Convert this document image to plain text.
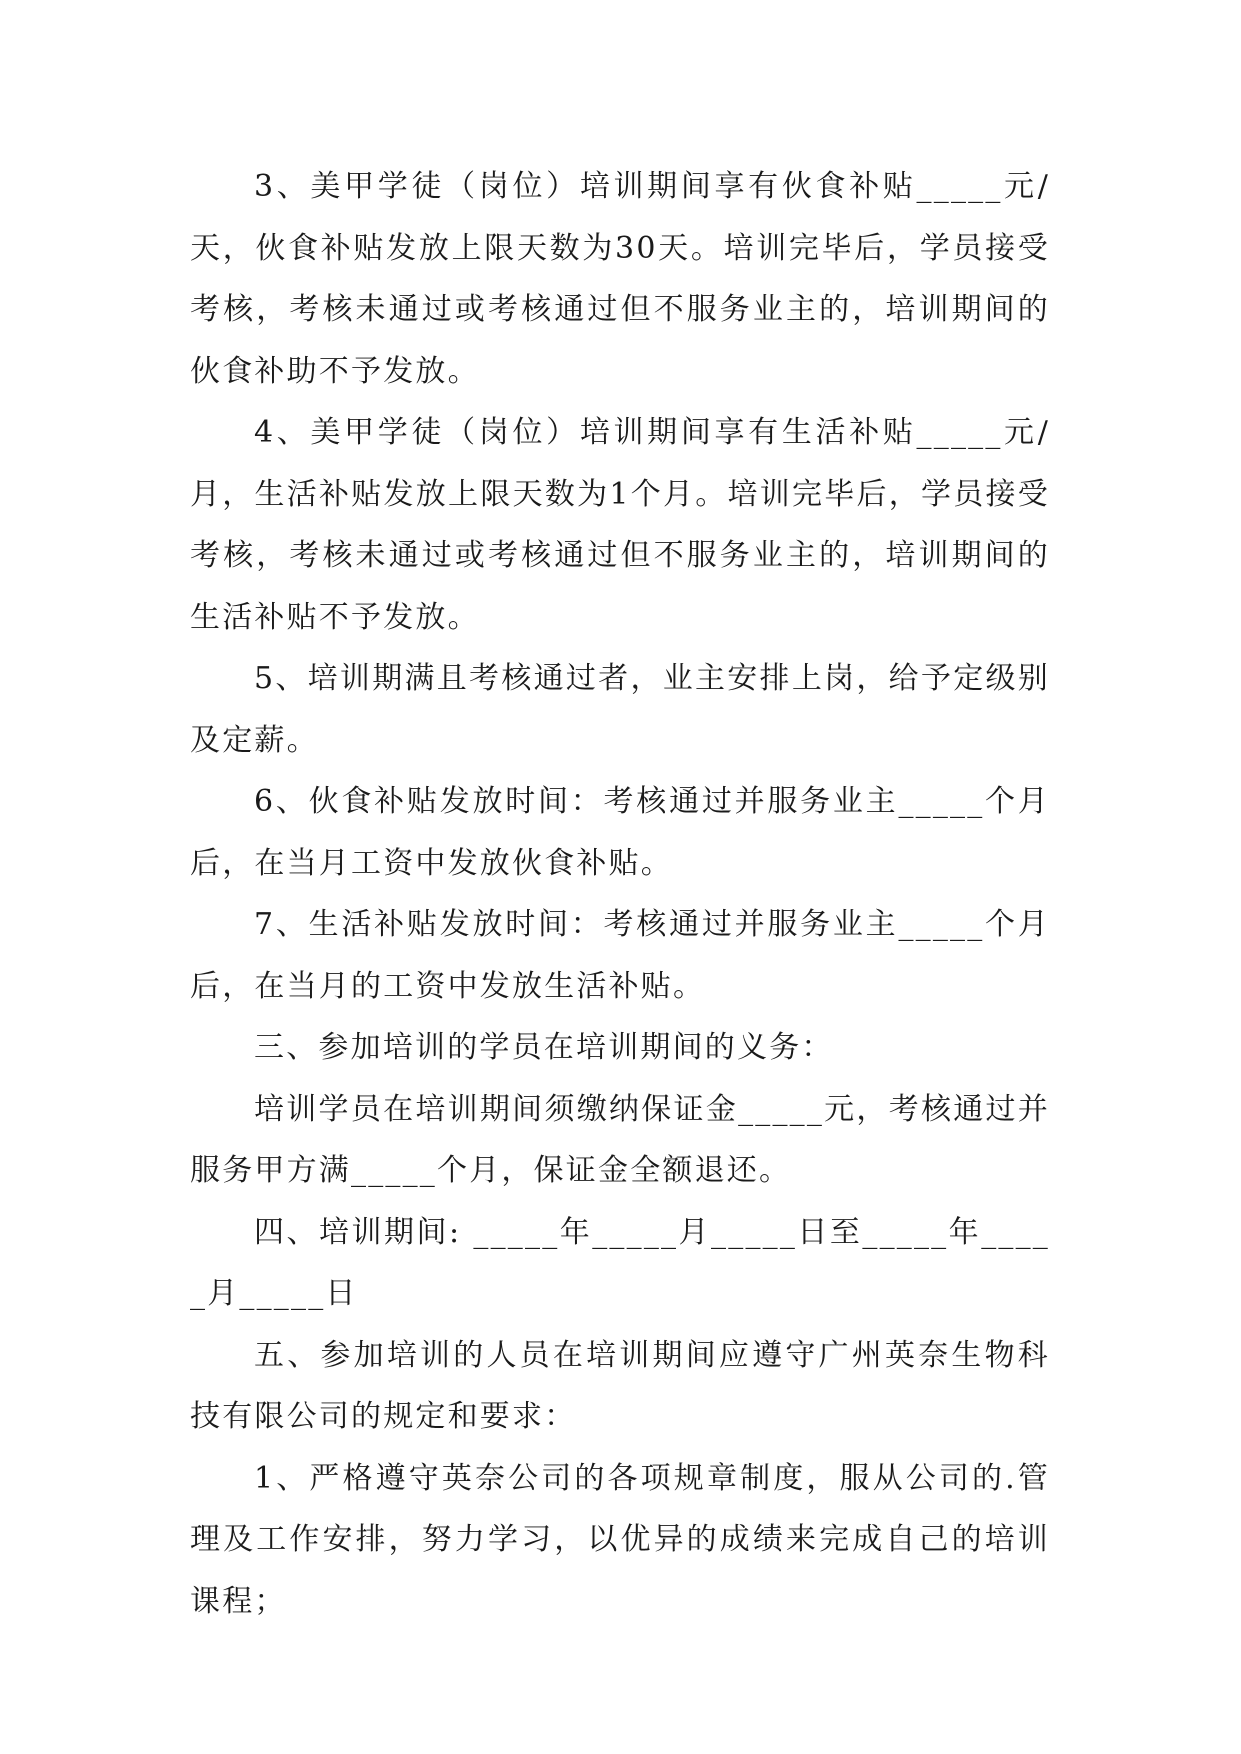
3、美甲学徒（岗位）培训期间享有伙食补贴_____元/天，伙食补贴发放上限天数为30天。培训完毕后，学员接受考核，考核未通过或考核通过但不服务业主的，培训期间的伙食补助不予发放。

4、美甲学徒（岗位）培训期间享有生活补贴_____元/月，生活补贴发放上限天数为1个月。培训完毕后，学员接受考核，考核未通过或考核通过但不服务业主的，培训期间的生活补贴不予发放。

5、培训期满且考核通过者，业主安排上岗，给予定级别及定薪。

6、伙食补贴发放时间：考核通过并服务业主_____个月后，在当月工资中发放伙食补贴。

7、生活补贴发放时间：考核通过并服务业主_____个月后，在当月的工资中发放生活补贴。

三、参加培训的学员在培训期间的义务：

培训学员在培训期间须缴纳保证金_____元，考核通过并服务甲方满_____个月，保证金全额退还。

四、培训期间: _____年_____月_____日至_____年_____月_____日

五、参加培训的人员在培训期间应遵守广州英奈生物科技有限公司的规定和要求：

1、严格遵守英奈公司的各项规章制度，服从公司的.管理及工作安排，努力学习，以优异的成绩来完成自己的培训课程；
